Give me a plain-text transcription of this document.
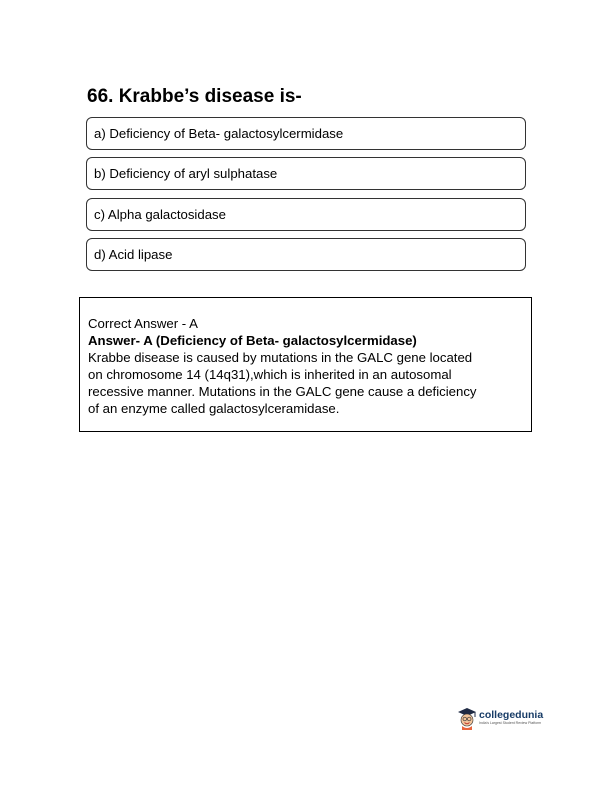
66. Krabbe’s disease is-
a) Deficiency of Beta- galactosylcermidase
b) Deficiency of aryl sulphatase
c) Alpha galactosidase
d) Acid lipase
Correct Answer - A
Answer- A (Deficiency of Beta- galactosylcermidase)
Krabbe disease is caused by mutations in the GALC gene located
on chromosome 14 (14q31),which is inherited in an autosomal
recessive manner. Mutations in the GALC gene cause a deficiency
of an enzyme called galactosylceramidase.
collegedunia
India's Largest Student Review Platform
